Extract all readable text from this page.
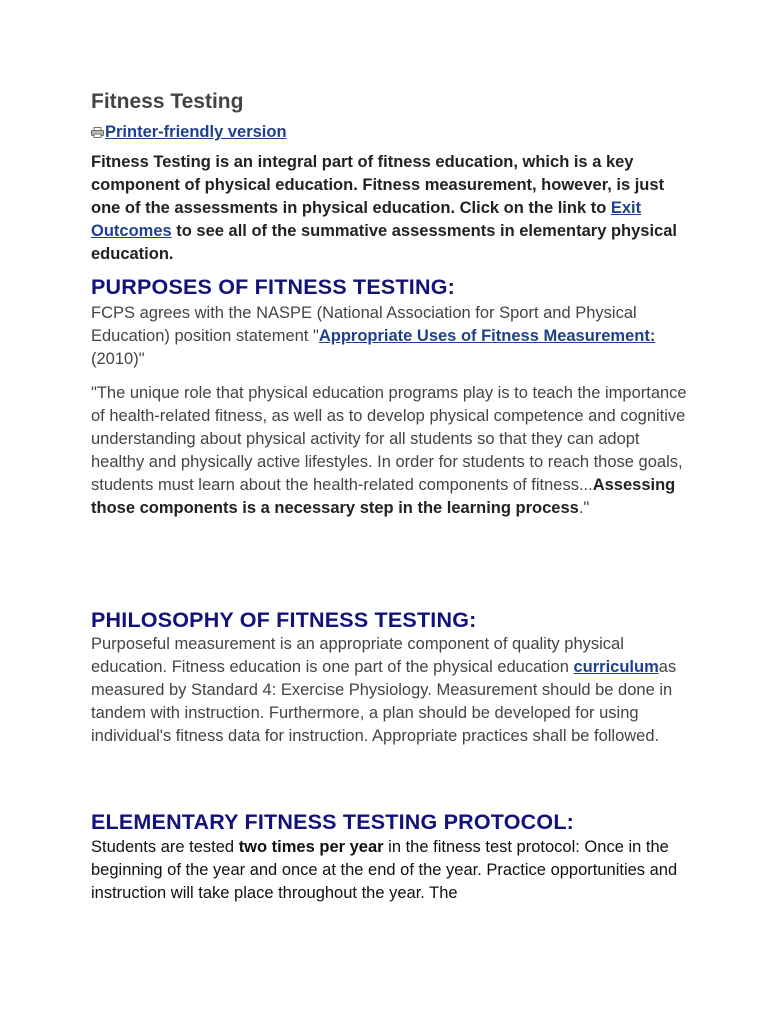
Fitness Testing
Printer-friendly version
Fitness Testing is an integral part of fitness education, which is a key component of physical education. Fitness measurement, however, is just one of the assessments in physical education. Click on the link to Exit Outcomes to see all of the summative assessments in elementary physical education.
PURPOSES OF FITNESS TESTING:
FCPS agrees with the NASPE (National Association for Sport and Physical Education) position statement "Appropriate Uses of Fitness Measurement:(2010)"
"The unique role that physical education programs play is to teach the importance of health-related fitness, as well as to develop physical competence and cognitive understanding about physical activity for all students so that they can adopt healthy and physically active lifestyles. In order for students to reach those goals, students must learn about the health-related components of fitness...Assessing those components is a necessary step in the learning process."
PHILOSOPHY OF FITNESS TESTING:
Purposeful measurement is an appropriate component of quality physical education. Fitness education is one part of the physical education curriculumas measured by Standard 4: Exercise Physiology. Measurement should be done in tandem with instruction. Furthermore, a plan should be developed for using individual's fitness data for instruction. Appropriate practices shall be followed.
ELEMENTARY FITNESS TESTING PROTOCOL:
Students are tested two times per year in the fitness test protocol: Once in the beginning of the year and once at the end of the year. Practice opportunities and instruction will take place throughout the year. The
